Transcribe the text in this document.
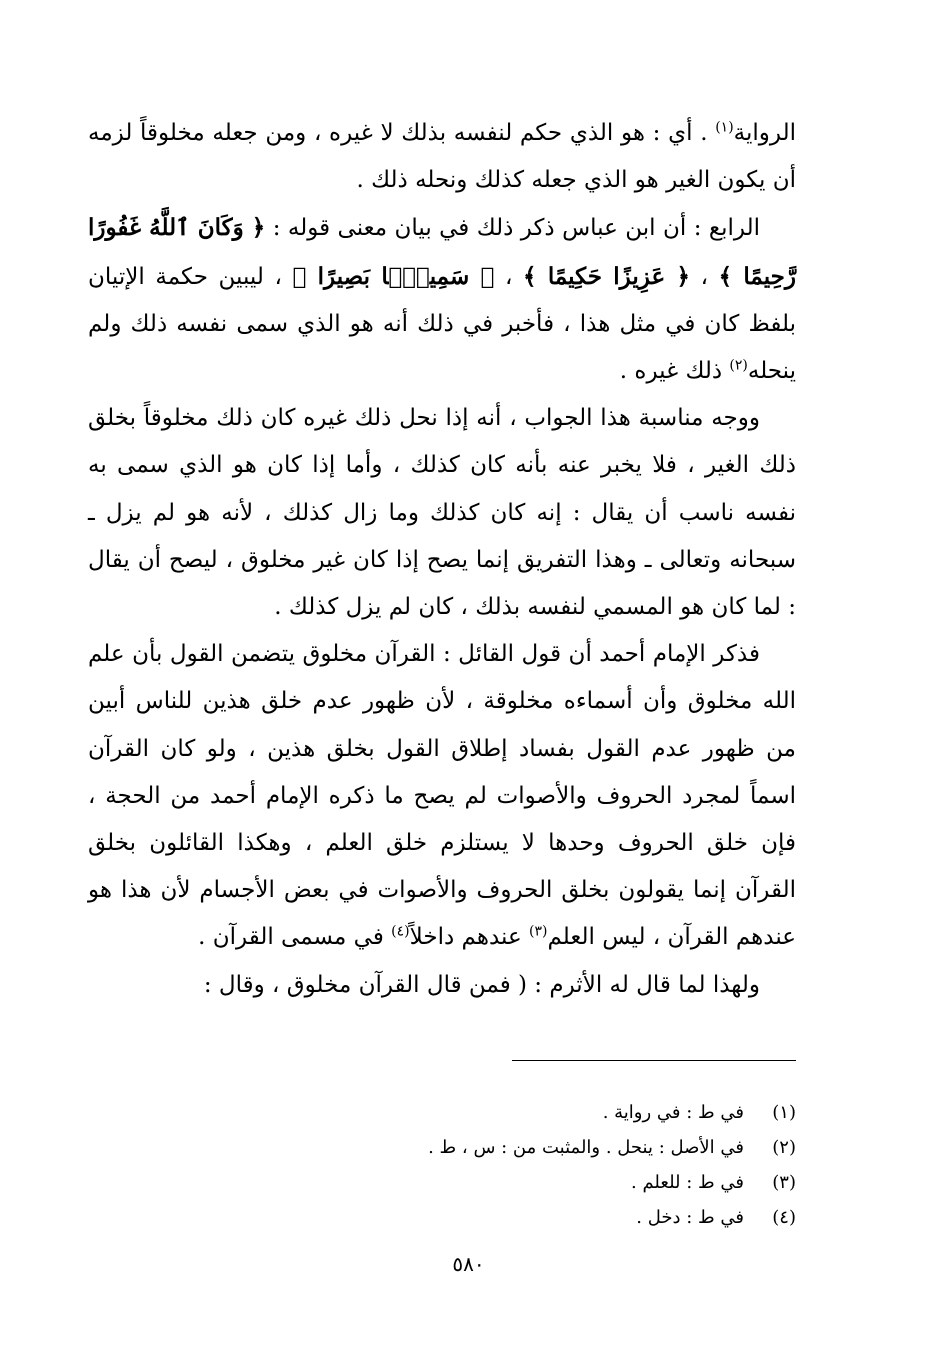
الرواية$^{(١)}$ . أي : هو الذي حكم لنفسه بذلك لا غيره ، ومن جعله مخلوقاً لزمه أن يكون الغير هو الذي جعله كذلك ونحله ذلك .

الرابع : أن ابن عباس ذكر ذلك في بيان معنى قوله : ﴿ وَكَانَ ٱللَّهُ غَفُورًا رَّحِيمًا ﴾ ، ﴿ عَزِيزًا حَكِيمًا ﴾ ، ﴿ سَمِيعًۢا بَصِيرًا ﴾ ، ليبين حكمة الإتيان بلفظ كان في مثل هذا ، فأخبر في ذلك أنه هو الذي سمى نفسه ذلك ولم ينحله$^{(٢)}$ ذلك غيره .

ووجه مناسبة هذا الجواب ، أنه إذا نحل ذلك غيره كان ذلك مخلوقاً بخلق ذلك الغير ، فلا يخبر عنه بأنه كان كذلك ، وأما إذا كان هو الذي سمى به نفسه ناسب أن يقال : إنه كان كذلك وما زال كذلك ، لأنه هو لم يزل ـ سبحانه وتعالى ـ وهذا التفريق إنما يصح إذا كان غير مخلوق ، ليصح أن يقال : لما كان هو المسمي لنفسه بذلك ، كان لم يزل كذلك .

فذكر الإمام أحمد أن قول القائل : القرآن مخلوق يتضمن القول بأن علم الله مخلوق وأن أسماءه مخلوقة ، لأن ظهور عدم خلق هذين للناس أبين من ظهور عدم القول بفساد إطلاق القول بخلق هذين ، ولو كان القرآن اسماً لمجرد الحروف والأصوات لم يصح ما ذكره الإمام أحمد من الحجة ، فإن خلق الحروف وحدها لا يستلزم خلق العلم ، وهكذا القائلون بخلق القرآن إنما يقولون بخلق الحروف والأصوات في بعض الأجسام لأن هذا هو عندهم القرآن ، ليس العلم$^{(٣)}$ عندهم داخلاً$^{(٤)}$ في مسمى القرآن .

ولهذا لما قال له الأثرم : ( فمن قال القرآن مخلوق ، وقال :

(١)
في ط : في رواية .
(٢)
في الأصل : ينحل . والمثبت من : س ، ط .
(٣)
في ط : للعلم .
(٤)
في ط : دخل .
٥٨٠
